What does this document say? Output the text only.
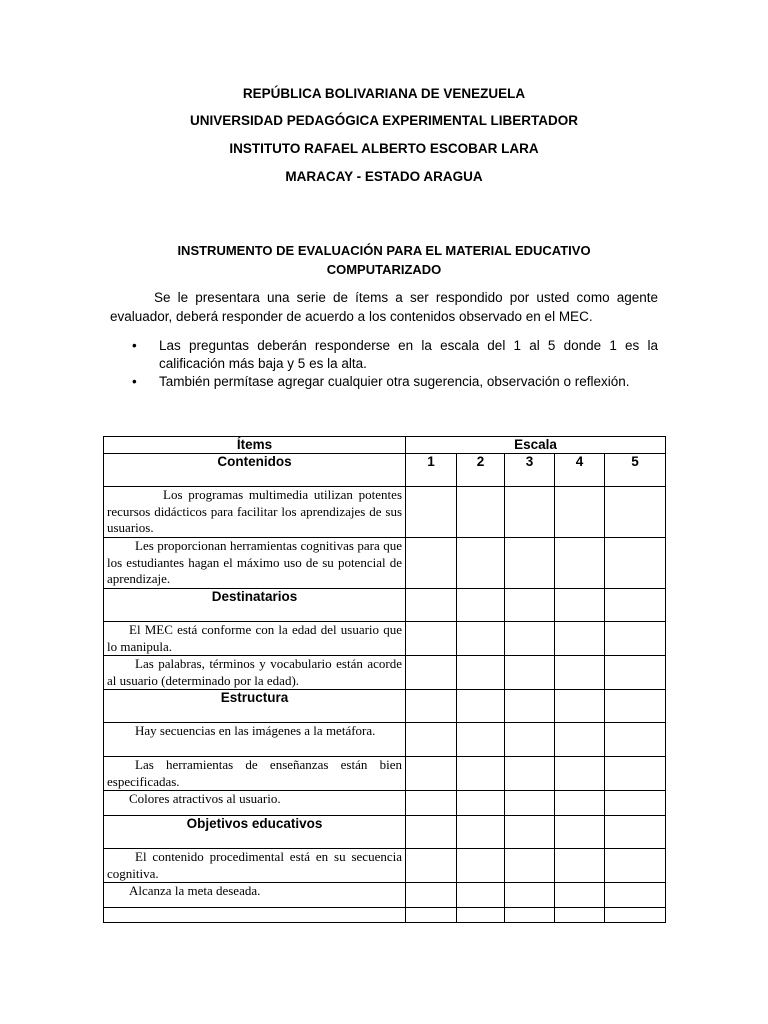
REPÚBLICA BOLIVARIANA DE VENEZUELA
UNIVERSIDAD PEDAGÓGICA EXPERIMENTAL LIBERTADOR
INSTITUTO RAFAEL ALBERTO ESCOBAR LARA
MARACAY - ESTADO ARAGUA
INSTRUMENTO DE EVALUACIÓN PARA EL MATERIAL EDUCATIVO
COMPUTARIZADO
Se le presentara una serie de ítems a ser respondido por usted como agente evaluador, deberá responder de acuerdo a los contenidos observado en el MEC.
• Las preguntas deberán responderse en la escala del 1 al 5 donde 1 es la calificación más baja y 5 es la alta.
• También permítase agregar cualquier otra sugerencia, observación o reflexión.
Ítems	Escala				
Contenidos	1	2	3	4	5
Los programas multimedia utilizan potentes recursos didácticos para facilitar los aprendizajes de sus usuarios.					
Les proporcionan herramientas cognitivas para que los estudiantes hagan el máximo uso de su potencial de aprendizaje.					
Destinatarios					
El MEC está conforme con la edad del usuario que lo manipula.					
Las palabras, términos y vocabulario están acorde al usuario (determinado por la edad).					
Estructura					
Hay secuencias en las imágenes a la metáfora.					
Las herramientas de enseñanzas están bien especificadas.					
Colores atractivos al usuario.					
Objetivos educativos					
El contenido procedimental está en su secuencia cognitiva.					
Alcanza la meta deseada.					
